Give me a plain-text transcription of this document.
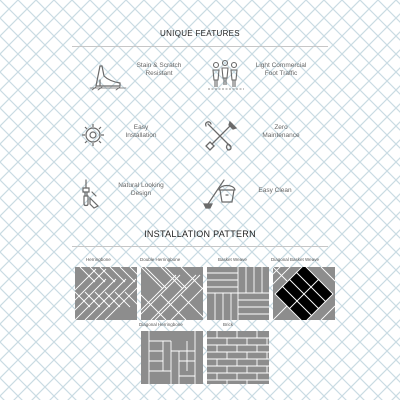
UNIQUE FEATURES
Stain & Scratch
Resistant
Light Commercial
Foot Traffic
Easy
Installation
Zero
Maintenance
Natural Looking
Design	Easy Clean
INSTALLATION PATTERN
Herringbone	Double Herringbone	Basket Weave	Diagonal Basket Weave
Diagonal Herringbone	Brick
